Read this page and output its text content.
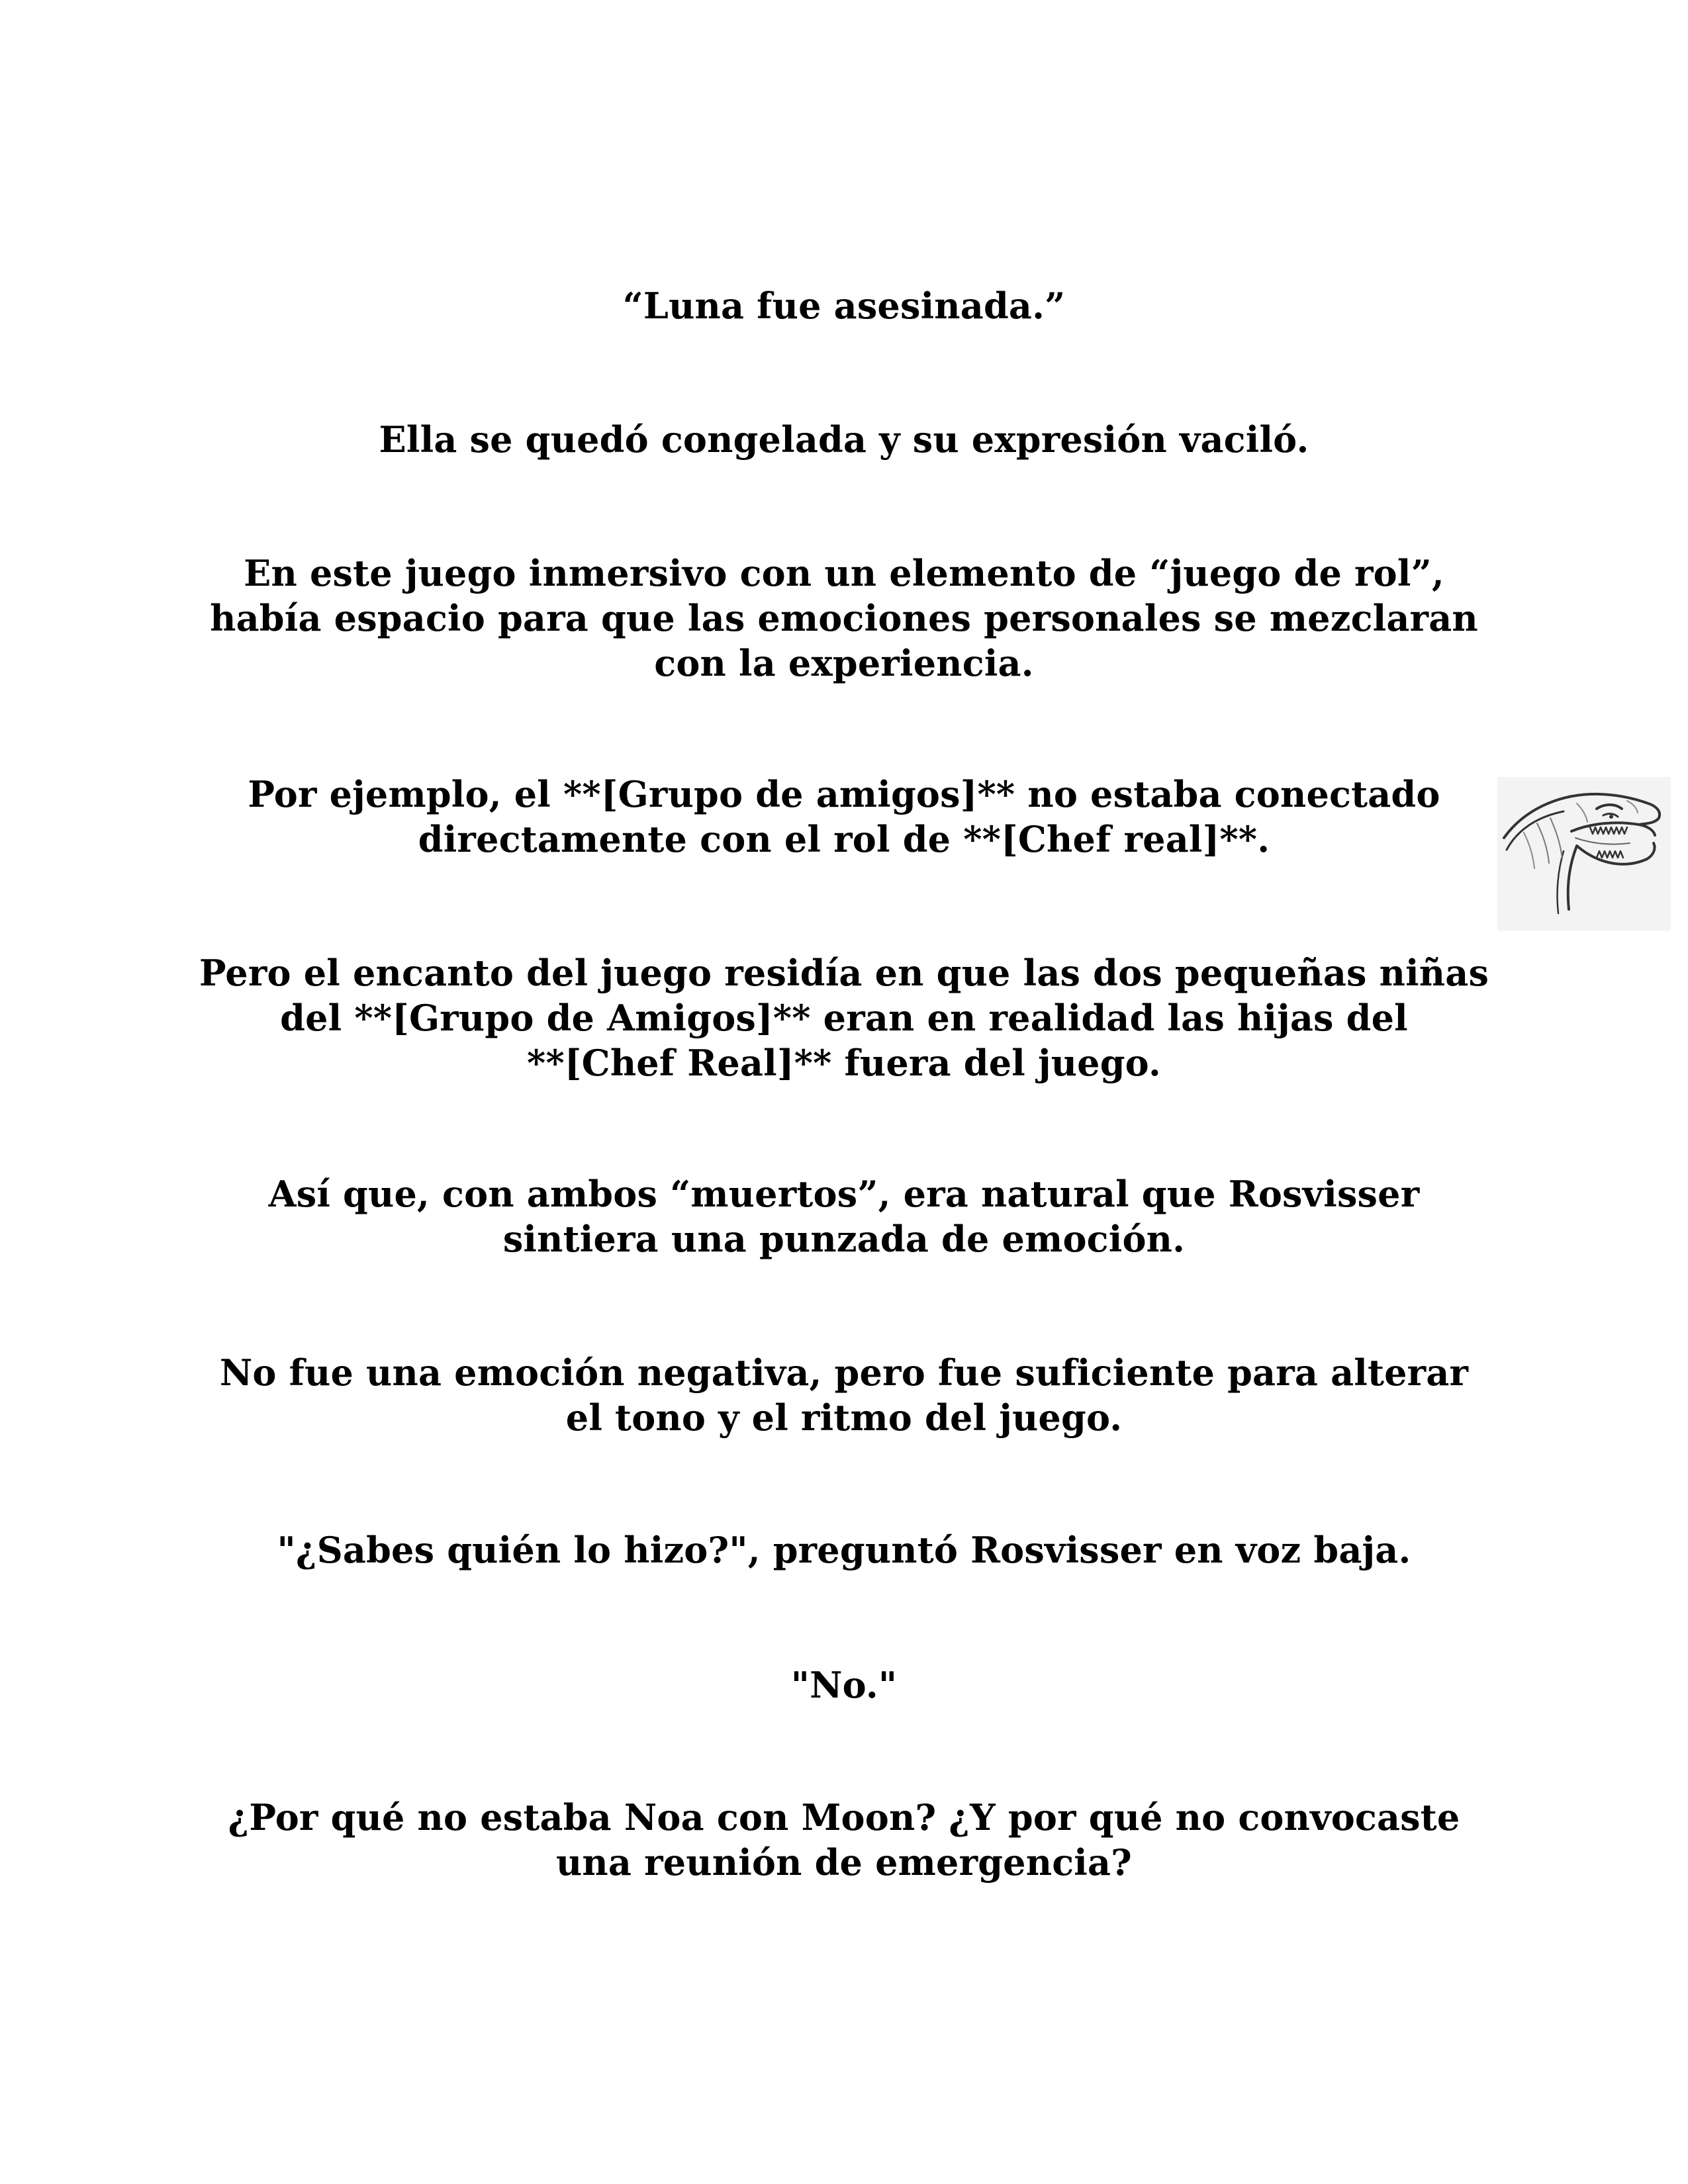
“Luna fue asesinada.”
Ella se quedó congelada y su expresión vaciló.
En este juego inmersivo con un elemento de “juego de rol”,
había espacio para que las emociones personales se mezclaran
con la experiencia.
Por ejemplo, el **[Grupo de amigos]** no estaba conectado
directamente con el rol de **[Chef real]**.
Pero el encanto del juego residía en que las dos pequeñas niñas
del **[Grupo de Amigos]** eran en realidad las hijas del
**[Chef Real]** fuera del juego.
Así que, con ambos “muertos”, era natural que Rosvisser
sintiera una punzada de emoción.
No fue una emoción negativa, pero fue suficiente para alterar
el tono y el ritmo del juego.
"¿Sabes quién lo hizo?", preguntó Rosvisser en voz baja.
"No."
¿Por qué no estaba Noa con Moon? ¿Y por qué no convocaste
una reunión de emergencia?
